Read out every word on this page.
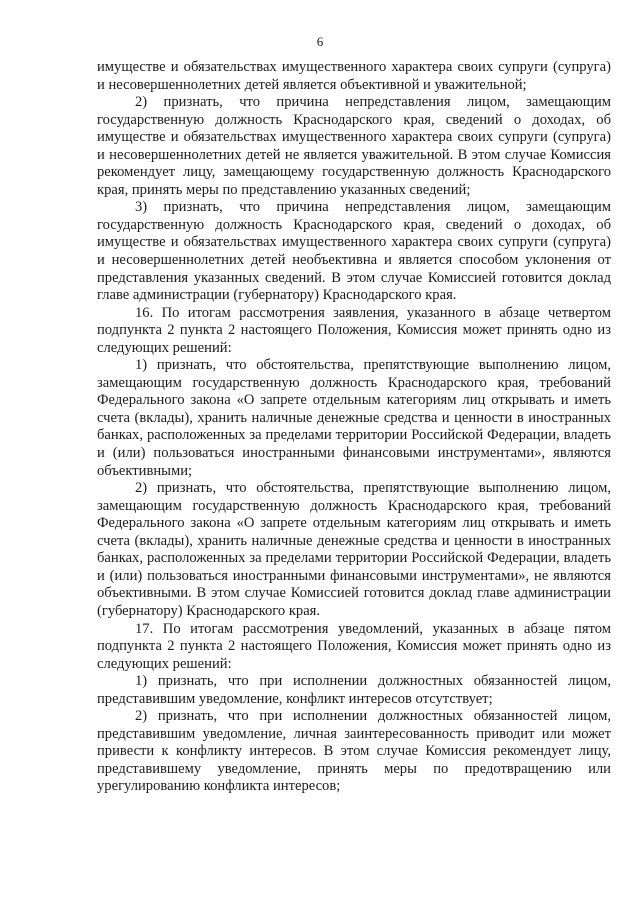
6

имуществе и обязательствах имущественного характера своих супруги (супруга) и несовершеннолетних детей является объективной и уважительной;

2) признать, что причина непредставления лицом, замещающим государственную должность Краснодарского края, сведений о доходах, об имуществе и обязательствах имущественного характера своих супруги (супруга) и несовершеннолетних детей не является уважительной. В этом случае Комиссия рекомендует лицу, замещающему государственную должность Краснодарского края, принять меры по представлению указанных сведений;

3) признать, что причина непредставления лицом, замещающим государственную должность Краснодарского края, сведений о доходах, об имуществе и обязательствах имущественного характера своих супруги (супруга) и несовершеннолетних детей необъективна и является способом уклонения от представления указанных сведений. В этом случае Комиссией готовится доклад главе администрации (губернатору) Краснодарского края.

16. По итогам рассмотрения заявления, указанного в абзаце четвертом подпункта 2 пункта 2 настоящего Положения, Комиссия может принять одно из следующих решений:

1) признать, что обстоятельства, препятствующие выполнению лицом, замещающим государственную должность Краснодарского края, требований Федерального закона «О запрете отдельным категориям лиц открывать и иметь счета (вклады), хранить наличные денежные средства и ценности в иностранных банках, расположенных за пределами территории Российской Федерации, владеть и (или) пользоваться иностранными финансовыми инструментами», являются объективными;

2) признать, что обстоятельства, препятствующие выполнению лицом, замещающим государственную должность Краснодарского края, требований Федерального закона «О запрете отдельным категориям лиц открывать и иметь счета (вклады), хранить наличные денежные средства и ценности в иностранных банках, расположенных за пределами территории Российской Федерации, владеть и (или) пользоваться иностранными финансовыми инструментами», не являются объективными. В этом случае Комиссией готовится доклад главе администрации (губернатору) Краснодарского края.

17. По итогам рассмотрения уведомлений, указанных в абзаце пятом подпункта 2 пункта 2 настоящего Положения, Комиссия может принять одно из следующих решений:

1) признать, что при исполнении должностных обязанностей лицом, представившим уведомление, конфликт интересов отсутствует;

2) признать, что при исполнении должностных обязанностей лицом, представившим уведомление, личная заинтересованность приводит или может привести к конфликту интересов. В этом случае Комиссия рекомендует лицу, представившему уведомление, принять меры по предотвращению или урегулированию конфликта интересов;
